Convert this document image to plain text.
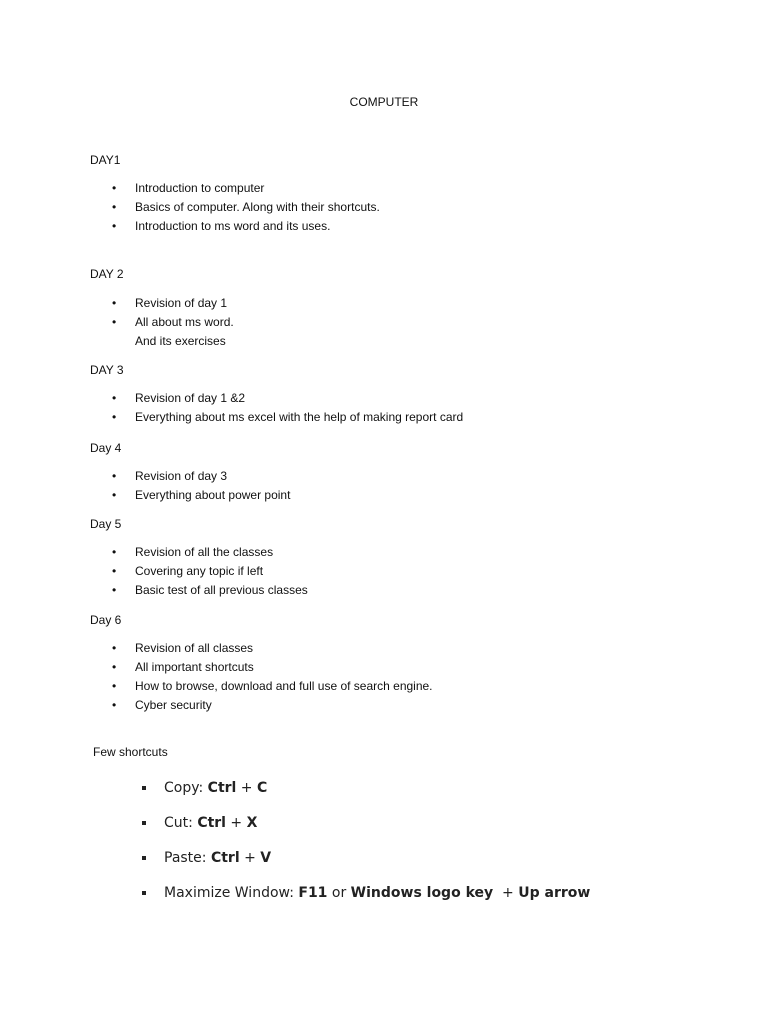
COMPUTER
DAY1
• Introduction to computer
• Basics of computer. Along with their shortcuts.
• Introduction to ms word and its uses.
DAY 2
• Revision of day 1
• All about ms word.
And its exercises
DAY 3
• Revision of day 1 &2
• Everything about ms excel with the help of making report card
Day 4
• Revision of day 3
• Everything about power point
Day 5
• Revision of all the classes
• Covering any topic if left
• Basic test of all previous classes
Day 6
• Revision of all classes
• All important shortcuts
• How to browse, download and full use of search engine.
• Cyber security
Few shortcuts
Copy: Ctrl + C
Cut: Ctrl + X
Paste: Ctrl + V
Maximize Window: F11 or Windows logo key  + Up arrow
